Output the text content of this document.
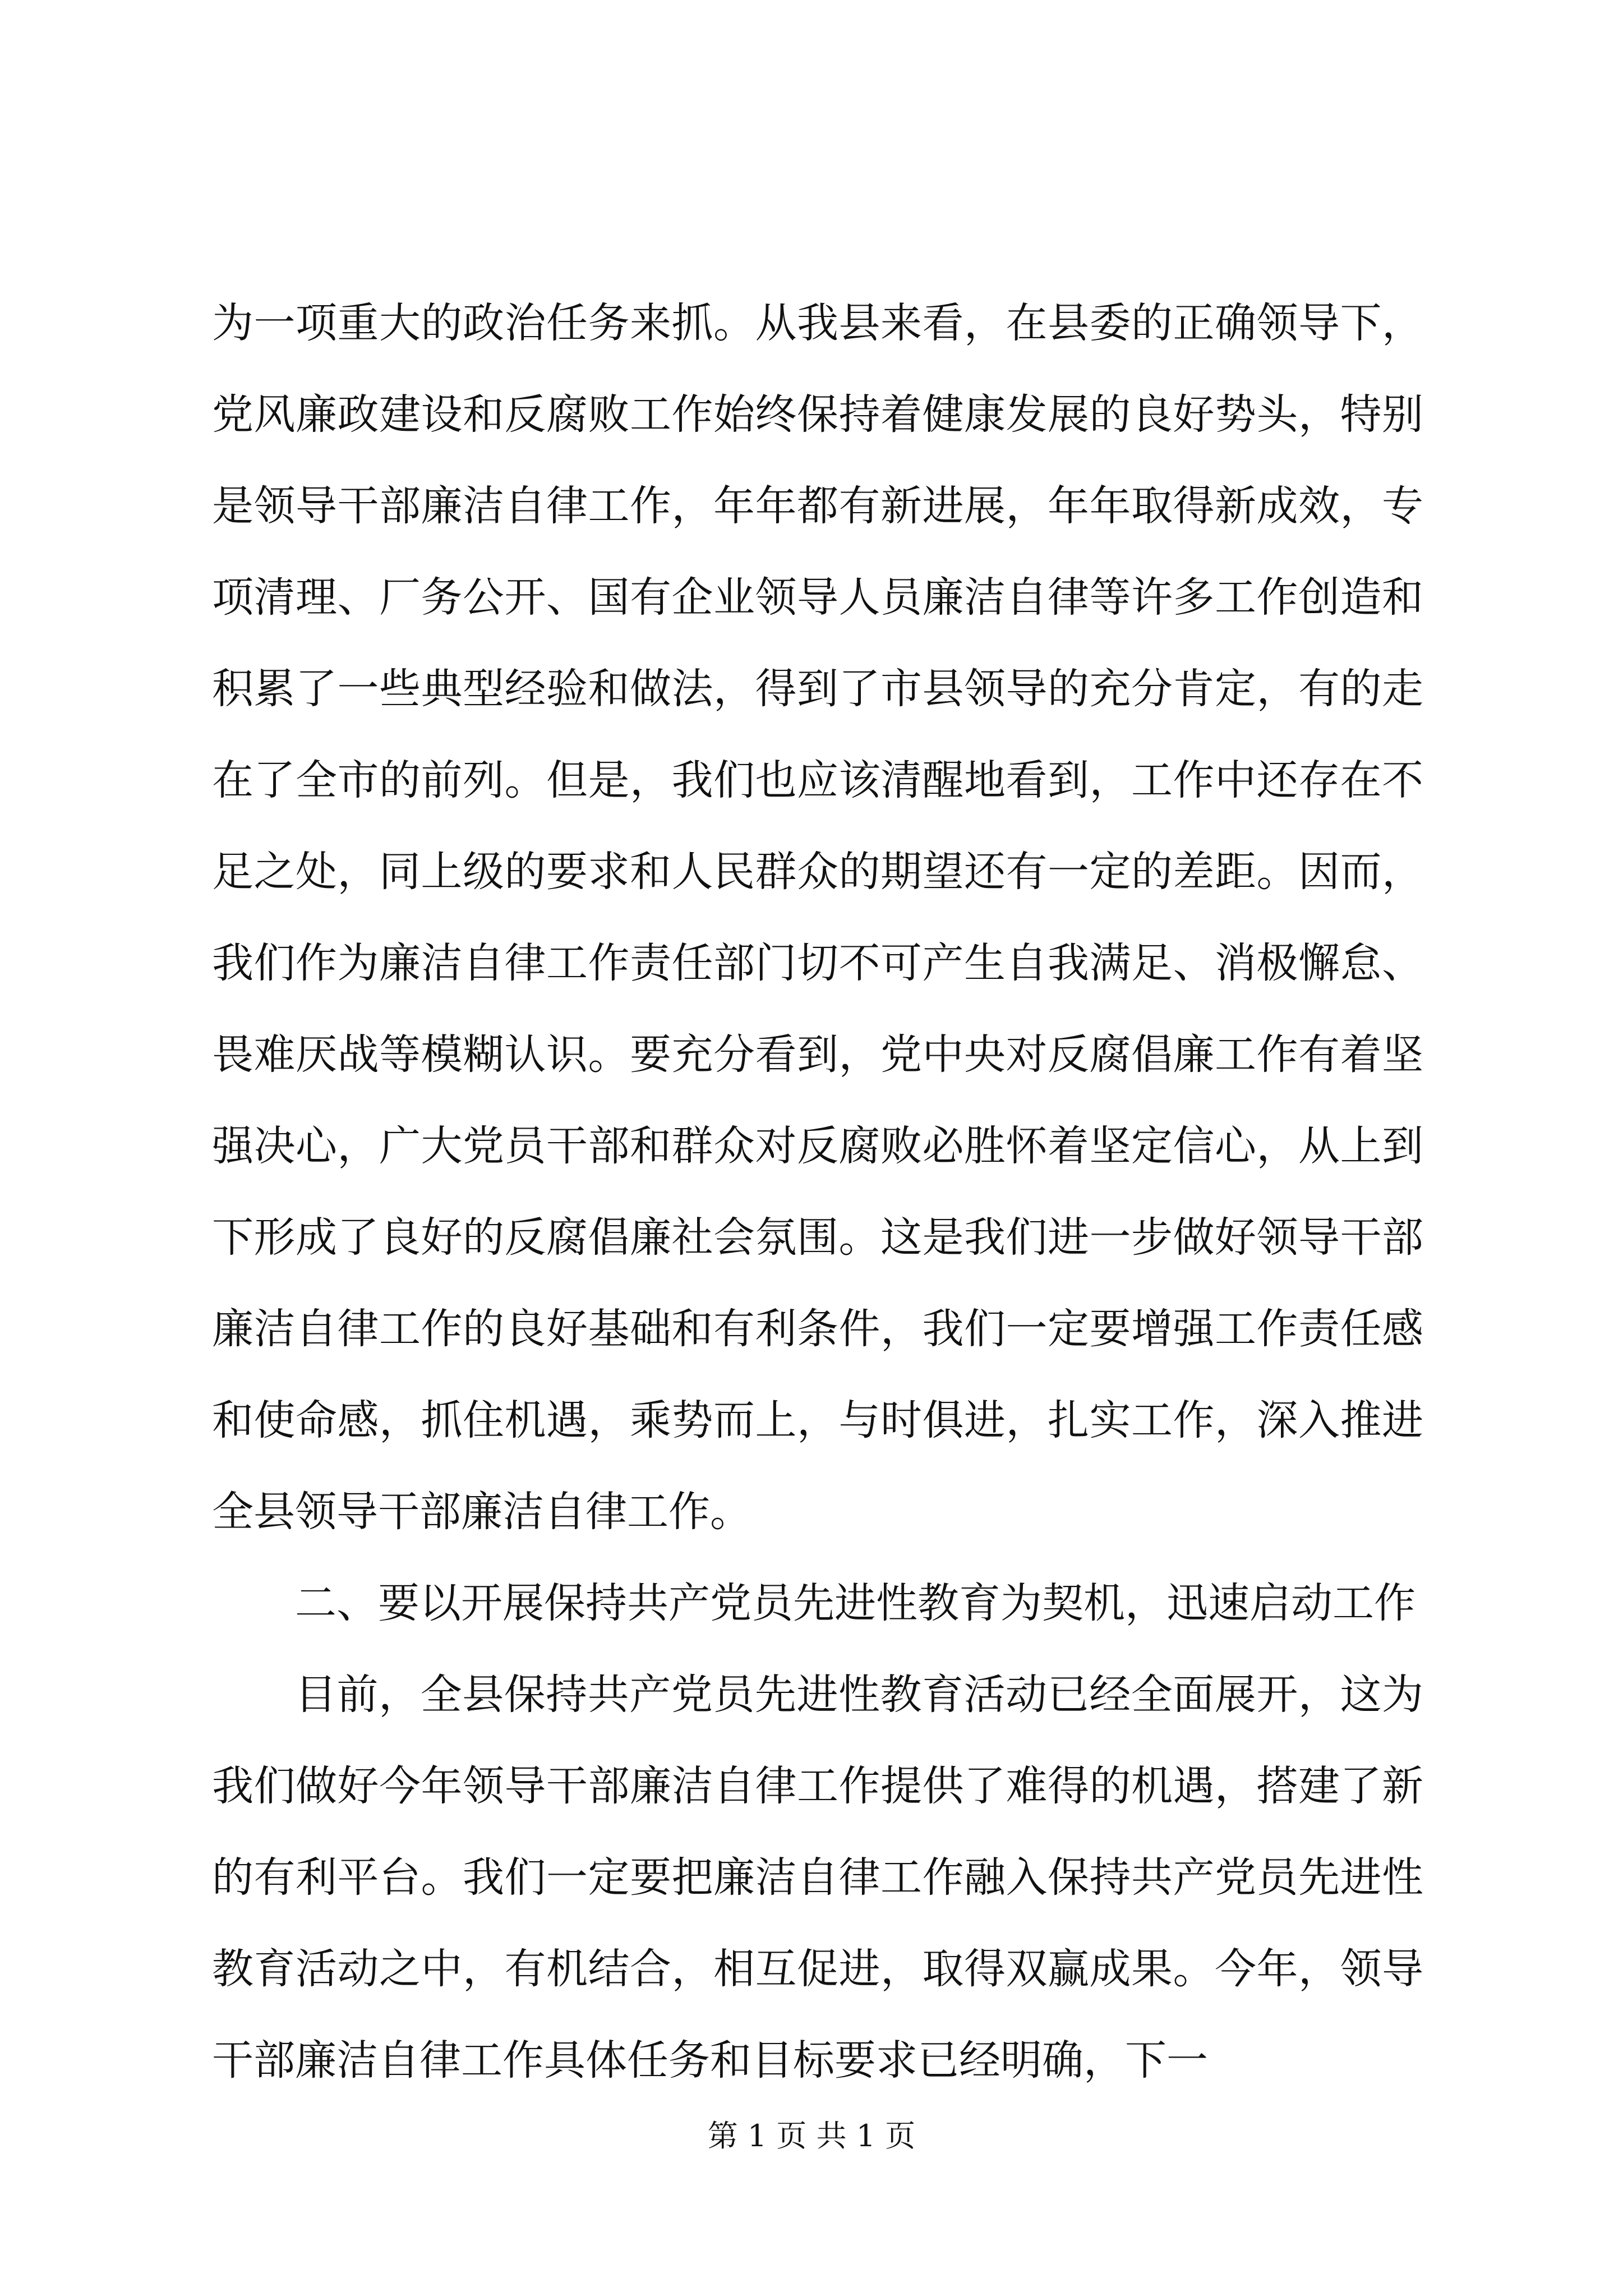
为一项重大的政治任务来抓。从我县来看，在县委的正确领导下，党风廉政建设和反腐败工作始终保持着健康发展的良好势头，特别是领导干部廉洁自律工作，年年都有新进展，年年取得新成效，专项清理、厂务公开、国有企业领导人员廉洁自律等许多工作创造和积累了一些典型经验和做法，得到了市县领导的充分肯定，有的走在了全市的前列。但是，我们也应该清醒地看到，工作中还存在不足之处，同上级的要求和人民群众的期望还有一定的差距。因而，我们作为廉洁自律工作责任部门切不可产生自我满足、消极懈怠、畏难厌战等模糊认识。要充分看到，党中央对反腐倡廉工作有着坚强决心，广大党员干部和群众对反腐败必胜怀着坚定信心，从上到下形成了良好的反腐倡廉社会氛围。这是我们进一步做好领导干部廉洁自律工作的良好基础和有利条件，我们一定要增强工作责任感和使命感，抓住机遇，乘势而上，与时俱进，扎实工作，深入推进全县领导干部廉洁自律工作。

二、要以开展保持共产党员先进性教育为契机，迅速启动工作

目前，全县保持共产党员先进性教育活动已经全面展开，这为我们做好今年领导干部廉洁自律工作提供了难得的机遇，搭建了新的有利平台。我们一定要把廉洁自律工作融入保持共产党员先进性教育活动之中，有机结合，相互促进，取得双赢成果。今年，领导干部廉洁自律工作具体任务和目标要求已经明确，下一

第 1 页 共 1 页
